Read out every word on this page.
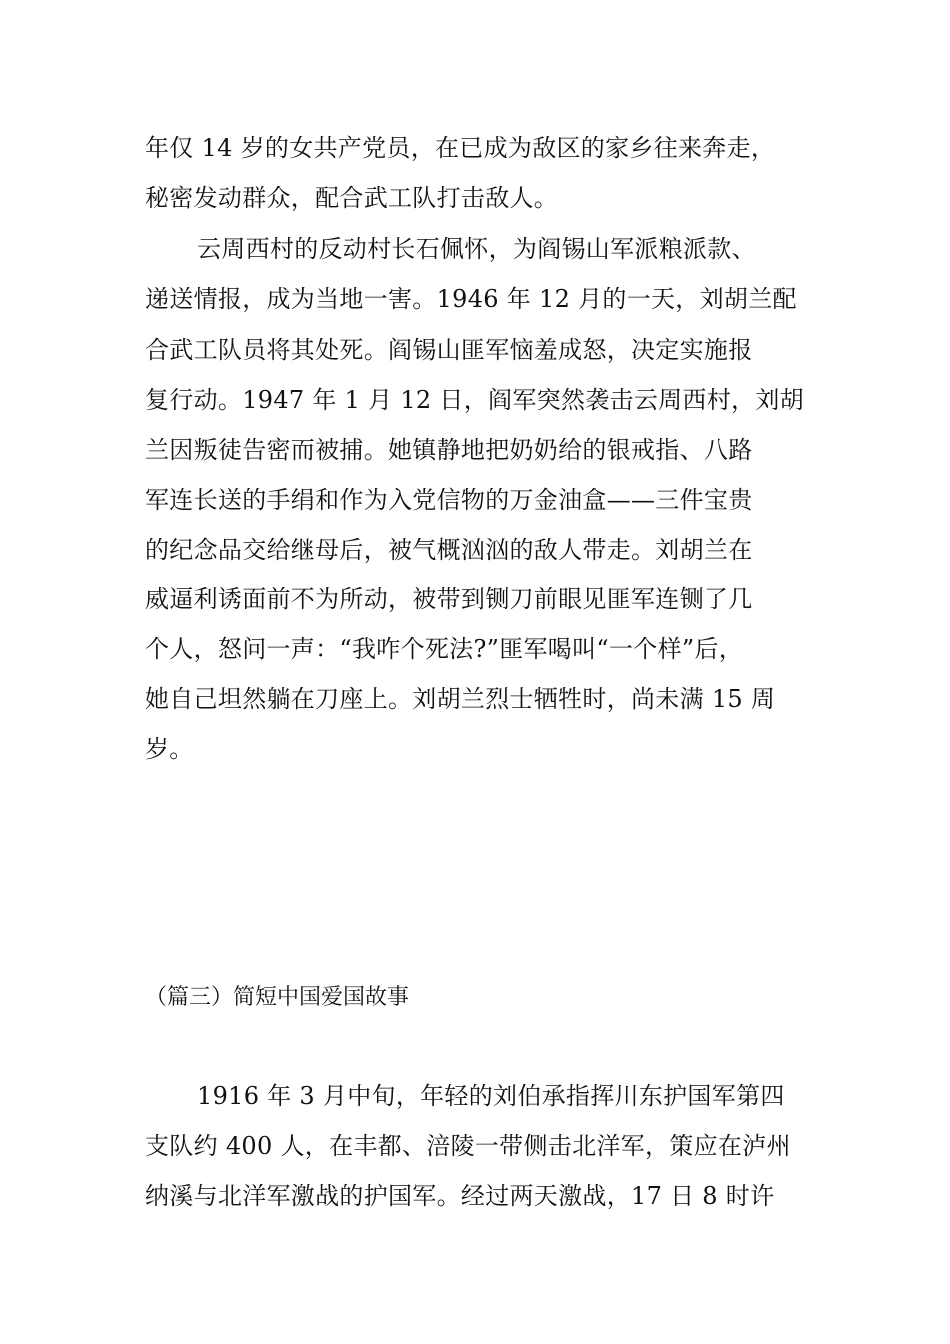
年仅 14 岁的女共产党员，在已成为敌区的家乡往来奔走，
秘密发动群众，配合武工队打击敌人。
云周西村的反动村长石佩怀，为阎锡山军派粮派款、
递送情报，成为当地一害。1946 年 12 月的一天，刘胡兰配
合武工队员将其处死。阎锡山匪军恼羞成怒，决定实施报
复行动。1947 年 1 月 12 日，阎军突然袭击云周西村，刘胡
兰因叛徒告密而被捕。她镇静地把奶奶给的银戒指、八路
军连长送的手绢和作为入党信物的万金油盒——三件宝贵
的纪念品交给继母后，被气概汹汹的敌人带走。刘胡兰在
威逼利诱面前不为所动，被带到铡刀前眼见匪军连铡了几
个人，怒问一声：“我咋个死法?”匪军喝叫“一个样”后，
她自己坦然躺在刀座上。刘胡兰烈士牺牲时，尚未满 15 周
岁。
（篇三）简短中国爱国故事
1916 年 3 月中旬，年轻的刘伯承指挥川东护国军第四
支队约 400 人，在丰都、涪陵一带侧击北洋军，策应在泸州
纳溪与北洋军激战的护国军。经过两天激战，17 日 8 时许
